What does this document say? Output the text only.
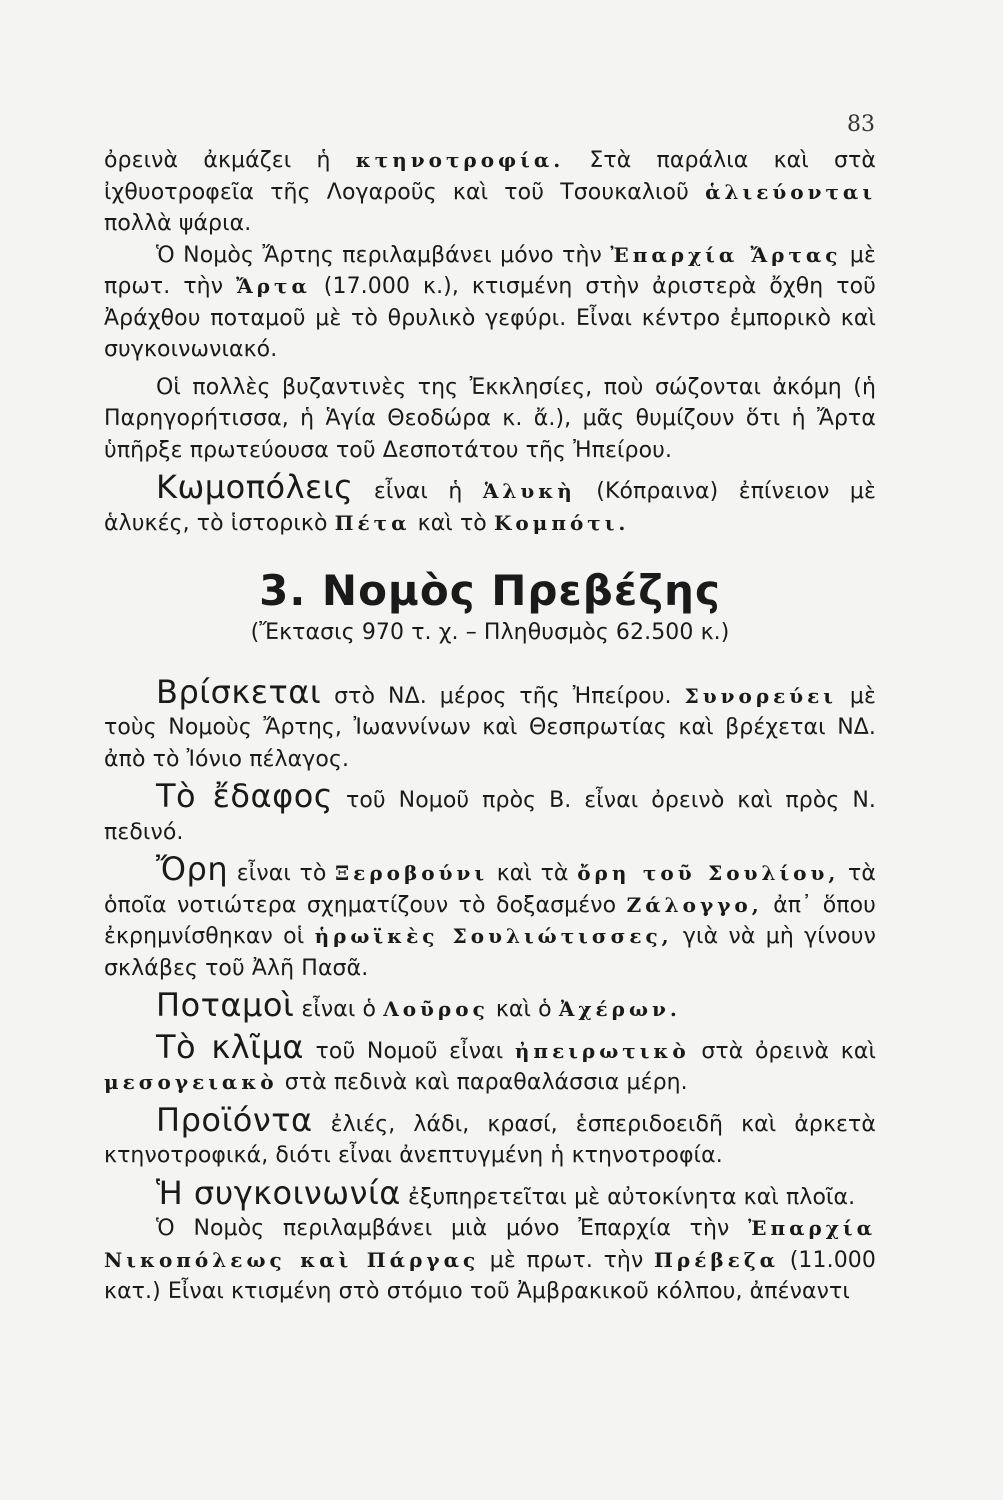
83

ὀρεινὰ ἀκμάζει ἡ κτηνοτροφία. Στὰ παράλια καὶ στὰ ἰχθυοτροφεῖα τῆς Λογαροῦς καὶ τοῦ Τσουκαλιοῦ ἁλιεύονται πολλὰ ψάρια.

Ὁ Νομὸς Ἄρτης περιλαμβάνει μόνο τὴν Ἐπαρχία Ἄρτας μὲ πρωτ. τὴν Ἄρτα (17.000 κ.), κτισμένη στὴν ἀριστερὰ ὄχθη τοῦ Ἀράχθου ποταμοῦ μὲ τὸ θρυλικὸ γεφύρι. Εἶναι κέντρο ἐμπορικὸ καὶ συγκοινωνιακό.

Οἱ πολλὲς βυζαντινὲς της Ἐκκλησίες, ποὺ σώζονται ἀκόμη (ἡ Παρηγορήτισσα, ἡ Ἁγία Θεοδώρα κ. ἄ.), μᾶς θυμίζουν ὅτι ἡ Ἄρτα ὑπῆρξε πρωτεύουσα τοῦ Δεσποτάτου τῆς Ἠπείρου.

Κωμοπόλεις εἶναι ἡ Ἁλυκὴ (Κόπραινα) ἐπίνειον μὲ ἁλυκές, τὸ ἱστορικὸ Πέτα καὶ τὸ Κομπότι.

3. Νομὸς Πρεβέζης

(Ἔκτασις 970 τ. χ. – Πληθυσμὸς 62.500 κ.)

Βρίσκεται στὸ ΝΔ. μέρος τῆς Ἠπείρου. Συνορεύει μὲ τοὺς Νομοὺς Ἄρτης, Ἰωαννίνων καὶ Θεσπρωτίας καὶ βρέχεται ΝΔ. ἀπὸ τὸ Ἰόνιο πέλαγος.

Τὸ ἔδαφος τοῦ Νομοῦ πρὸς Β. εἶναι ὀρεινὸ καὶ πρὸς Ν. πεδινό.

Ὄρη εἶναι τὸ Ξεροβούνι καὶ τὰ ὄρη τοῦ Σουλίου, τὰ ὁποῖα νοτιώτερα σχηματίζουν τὸ δοξασμένο Ζάλογγο, ἀπ᾽ ὅπου ἐκρημνίσθηκαν οἱ ἡρωϊκὲς Σουλιώτισσες, γιὰ νὰ μὴ γίνουν σκλάβες τοῦ Ἀλῆ Πασᾶ.

Ποταμοὶ εἶναι ὁ Λοῦρος καὶ ὁ Ἀχέρων.

Τὸ κλῖμα τοῦ Νομοῦ εἶναι ἠπειρωτικὸ στὰ ὀρεινὰ καὶ μεσογειακὸ στὰ πεδινὰ καὶ παραθαλάσσια μέρη.

Προϊόντα ἐλιές, λάδι, κρασί, ἑσπεριδοειδῆ καὶ ἀρκετὰ κτηνοτροφικά, διότι εἶναι ἀνεπτυγμένη ἡ κτηνοτροφία.

Ἡ συγκοινωνία ἐξυπηρετεῖται μὲ αὐτοκίνητα καὶ πλοῖα.

Ὁ Νομὸς περιλαμβάνει μιὰ μόνο Ἐπαρχία τὴν Ἐπαρχία Νικοπόλεως καὶ Πάργας μὲ πρωτ. τὴν Πρέβεζα (11.000 κατ.) Εἶναι κτισμένη στὸ στόμιο τοῦ Ἀμβρακικοῦ κόλπου, ἀπέναντι
